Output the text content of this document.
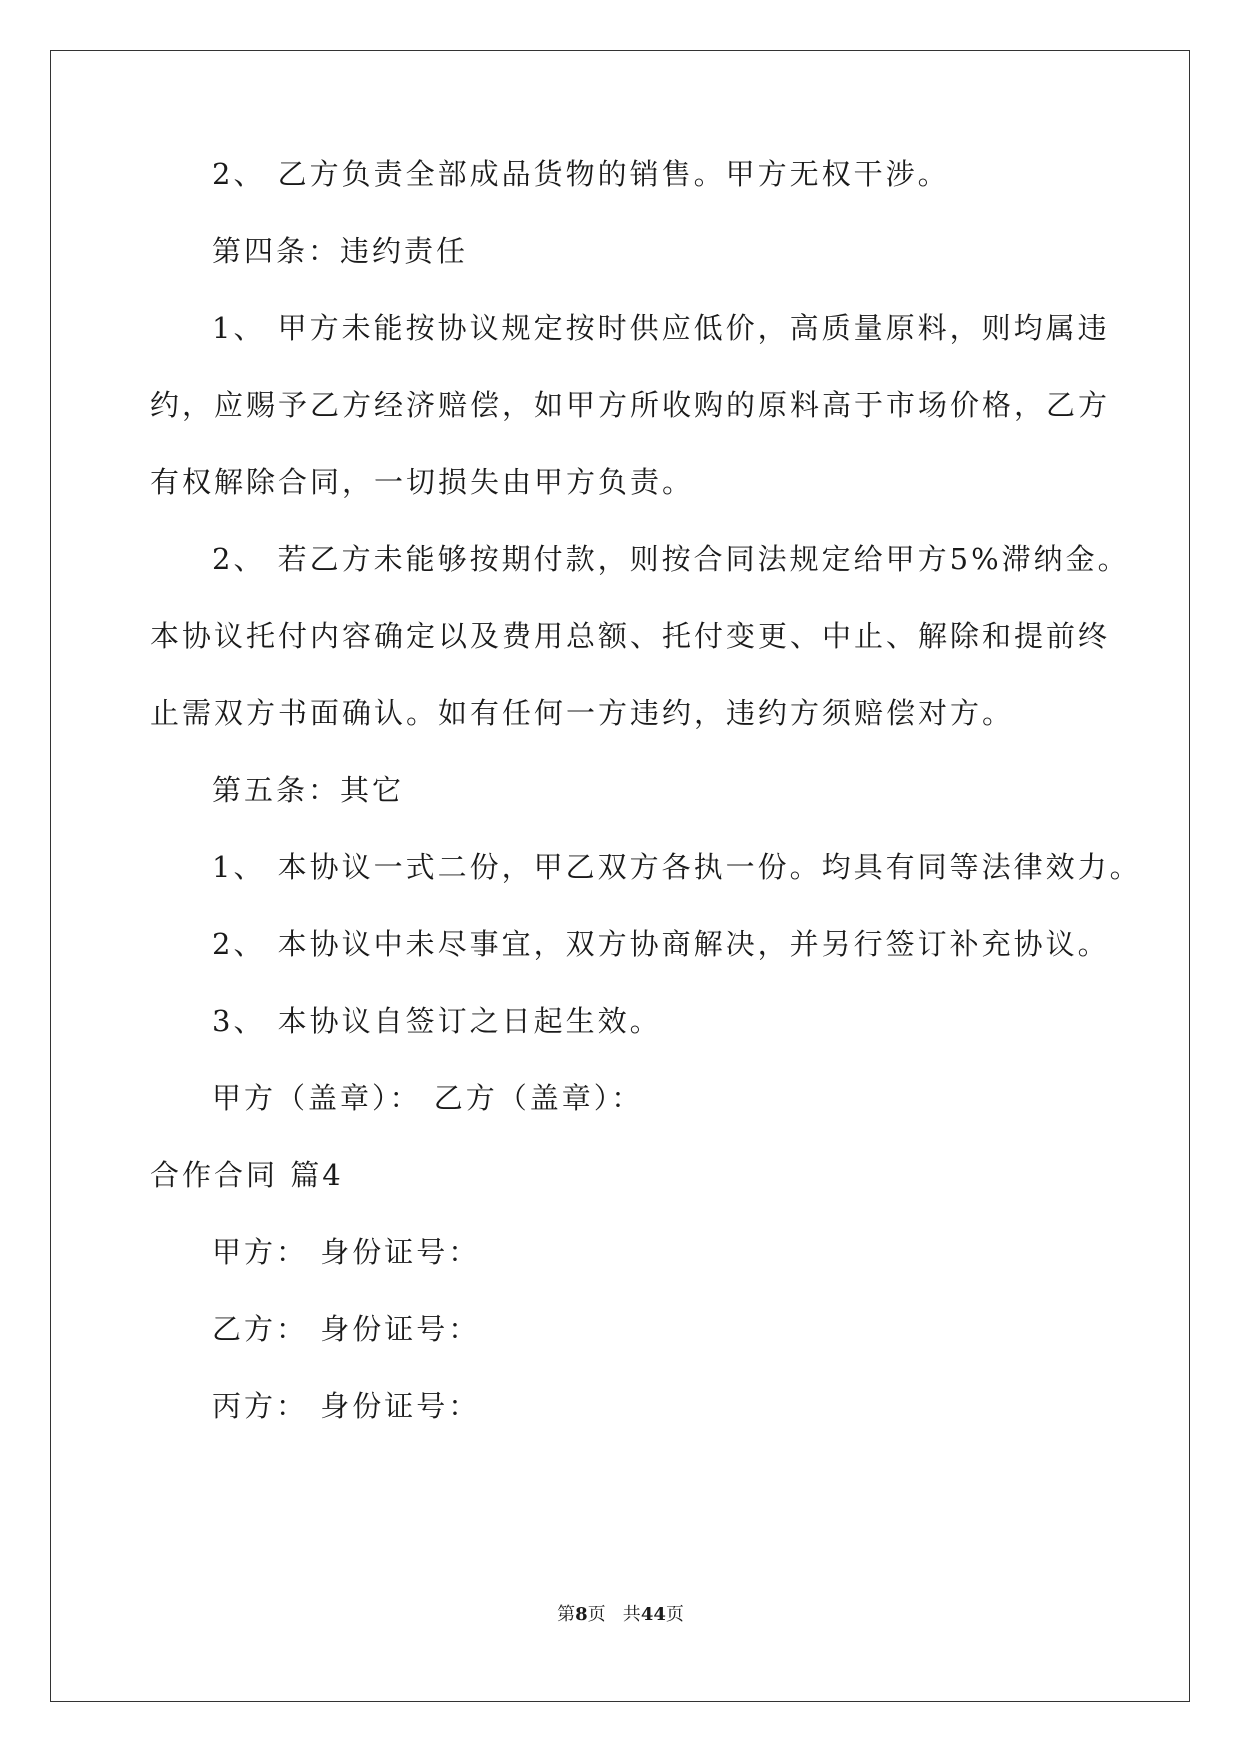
2、 乙方负责全部成品货物的销售。甲方无权干涉。
第四条：违约责任
1、 甲方未能按协议规定按时供应低价，高质量原料，则均属违
约，应赐予乙方经济赔偿，如甲方所收购的原料高于市场价格，乙方
有权解除合同，一切损失由甲方负责。
2、 若乙方未能够按期付款，则按合同法规定给甲方5%滞纳金。
本协议托付内容确定以及费用总额、托付变更、中止、解除和提前终
止需双方书面确认。如有任何一方违约，违约方须赔偿对方。
第五条：其它
1、 本协议一式二份，甲乙双方各执一份。均具有同等法律效力。
2、 本协议中未尽事宜，双方协商解决，并另行签订补充协议。
3、 本协议自签订之日起生效。
甲方（盖章）： 乙方（盖章）：
合作合同 篇4
甲方： 身份证号：
乙方： 身份证号：
丙方： 身份证号：
第8页   共44页
